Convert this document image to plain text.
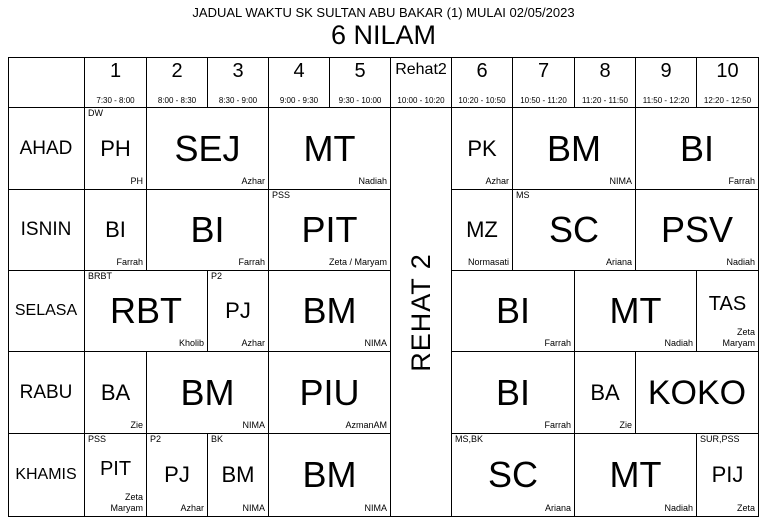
JADUAL WAKTU SK SULTAN ABU BAKAR (1) MULAI 02/05/2023
6 NILAM
1
7:30 - 8:00
2
8:00 - 8:30
3
8:30 - 9:00
4
9:00 - 9:30
5
9:30 - 10:00
Rehat2
10:00 - 10:20
6
10:20 - 10:50
7
10:50 - 11:20
8
11:20 - 11:50
9
11:50 - 12:20
10
12:20 - 12:50
AHAD
ISNIN
SELASA
RABU
KHAMIS
REHAT 2
DW
PH
PH
SEJ
Azhar
MT
Nadiah
PK
Azhar
BM
NIMA
BI
Farrah
BI
Farrah
BI
Farrah
PSS
PIT
Zeta / Maryam
MZ
Normasati
MS
SC
Ariana
PSV
Nadiah
BRBT
RBT
Kholib
P2
PJ
Azhar
BM
NIMA
BI
Farrah
MT
Nadiah
TAS
Zeta
Maryam
BA
Zie
BM
NIMA
PIU
AzmanAM
BI
Farrah
BA
Zie
KOKO
PSS
PIT
Zeta
Maryam
P2
PJ
Azhar
BK
BM
NIMA
BM
NIMA
MS,BK
SC
Ariana
MT
Nadiah
SUR,PSS
PIJ
Zeta
